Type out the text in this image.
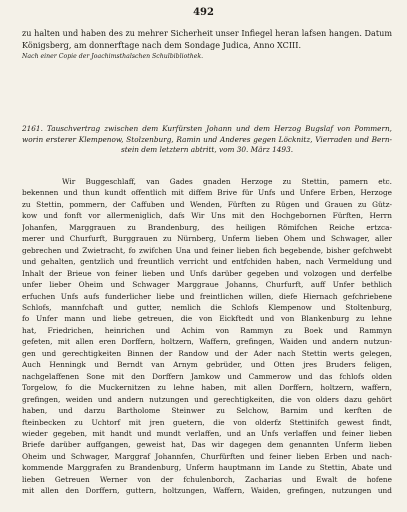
492
zu halten und haben des zu mehrer Sicherheit unser Infiegel heran lafsen hangen. Datum
Königsberg, am donnerftage nach dem Sondage Judica, Anno XCIII.
Nach einer Copie der Joachimsthalschen Schulbibliothek.
2161. Tauschvertrag zwischen dem Kurfürsten Johann und dem Herzog Bugslaf von Pommern,
worin ersterer Klempenow, Stolzenburg, Ramin und Anderes gegen Löcknitz, Vierraden und Bern-
stein dem letztern abtritt, vom 30. März 1493.
Wir Buggeschlaff, van Gades gnaden Herzoge zu Stettin, pamern etc.
bekennen und thun kundt offentlich mit diffem Brive für Unfs und Unfere Erben, Herzoge
zu Stettin, pommern, der Caffuben und Wenden, Fürften zu Rügen und Grauen zu Gütz-
kow und fonft vor allermeniglich, dafs Wir Uns mit den Hochgebornen Fürften, Herrn
Johanfen, Marggrauen zu Brandenburg, des heiligen Römifchen Reiche ertzca-
merer und Churfurft, Burggrauen zu Nürnberg, Unferm lieben Ohem und Schwager, aller
gebrechen und Zwietracht, fo zwifchen Una und feiner lieben fich begebende, bisher gefchwebt
und gehalten, gentzlich und freuntlich verricht und entfchiden haben, nach Vermeldung und
Inhalt der Brieue von feiner lieben und Unfs darüber gegeben und volzogen und derfelbe
unfer lieber Oheim und Schwager Marggraue Johanns, Churfurft, auff Unfer bethlich
erfuchen Unfs aufs funderlicher liebe und freintlichen willen, diefe Hiernach gefchriebene
Schlofs, mannfchaft und gutter, nemlich die Schlofs Klempenow und Stoltenburg,
fo Unfer mann und liebe getreuen, die von Eickftedt und von Blankenburg zu lehne
hat, Friedrichen, heinrichen und Achim von Rammyn zu Boek und Rammyn
gefeten, mit allen eren Dorffern, holtzern, Waffern, grefingen, Waiden und andern nutzun-
gen und gerechtigkeiten Binnen der Randow und der Ader nach Stettin werts gelegen,
Auch Henningk und Berndt van Arnym gebrüder, und Otten jres Bruders feligen,
nachgelaffenen Sone mit den Dorffern Jamkow und Cammerow und das fchlofs olden
Torgelow, fo die Muckernitzen zu lehne haben, mit allen Dorffern, holtzern, waffern,
grefingen, weiden und andern nutzungen und gerechtigkeiten, die von olders dazu gehört
haben, und darzu Bartholome Steinwer zu Selchow, Barnim und kerften de
fteinbecken zu Uchtorf mit jren guetern, die von olderfz Stettinifch gewest findt,
wieder gegeben, mit handt und mundt verlaffen, und an Unfs verlaffen und feiner lieben
Briefe darüber auffgangen, geweist hat, Das wir dagegen dem genannten Unferm lieben
Oheim und Schwager, Marggraf Johannfen, Churfürften und feiner lieben Erben und nach-
kommende Marggrafen zu Brandenburg, Unferm hauptmann im Lande zu Stettin, Abate und
lieben Getreuen Werner von der fchulenborch, Zacharias und Ewalt de hofene
mit allen den Dorffern, guttern, holtzungen, Waffern, Waiden, grefingen, nutzungen und
